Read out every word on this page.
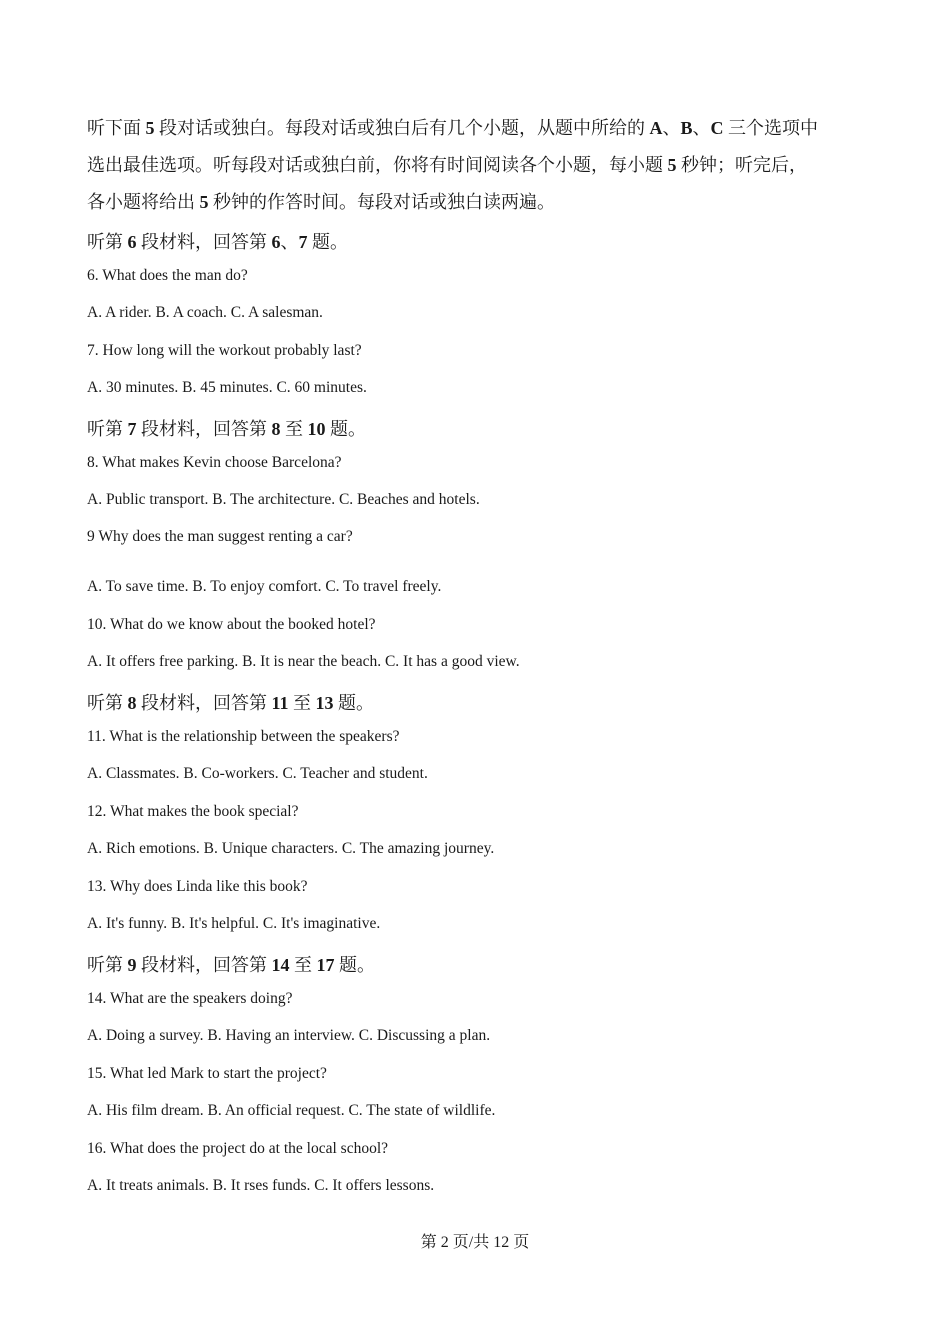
听下面 5 段对话或独白。每段对话或独白后有几个小题，从题中所给的 A、B、C 三个选项中
选出最佳选项。听每段对话或独白前，你将有时间阅读各个小题，每小题 5 秒钟；听完后，
各小题将给出 5 秒钟的作答时间。每段对话或独白读两遍。

听第 6 段材料，回答第 6、7 题。

6. What does the man do?

A. A rider. B. A coach. C. A salesman.

7. How long will the workout probably last?

A. 30 minutes. B. 45 minutes. C. 60 minutes.

听第 7 段材料，回答第 8 至 10 题。

8. What makes Kevin choose Barcelona?

A. Public transport. B. The architecture. C. Beaches and hotels.

9 Why does the man suggest renting a car?

A. To save time. B. To enjoy comfort. C. To travel freely.

10. What do we know about the booked hotel?

A. It offers free parking. B. It is near the beach. C. It has a good view.

听第 8 段材料，回答第 11 至 13 题。

11. What is the relationship between the speakers?

A. Classmates. B. Co-workers. C. Teacher and student.

12. What makes the book special?

A. Rich emotions. B. Unique characters. C. The amazing journey.

13. Why does Linda like this book?

A. It's funny. B. It's helpful. C. It's imaginative.

听第 9 段材料，回答第 14 至 17 题。

14. What are the speakers doing?

A. Doing a survey. B. Having an interview. C. Discussing a plan.

15. What led Mark to start the project?

A. His film dream. B. An official request. C. The state of wildlife.

16. What does the project do at the local school?

A. It treats animals. B. It rses funds. C. It offers lessons.

第 2 页/共 12 页
